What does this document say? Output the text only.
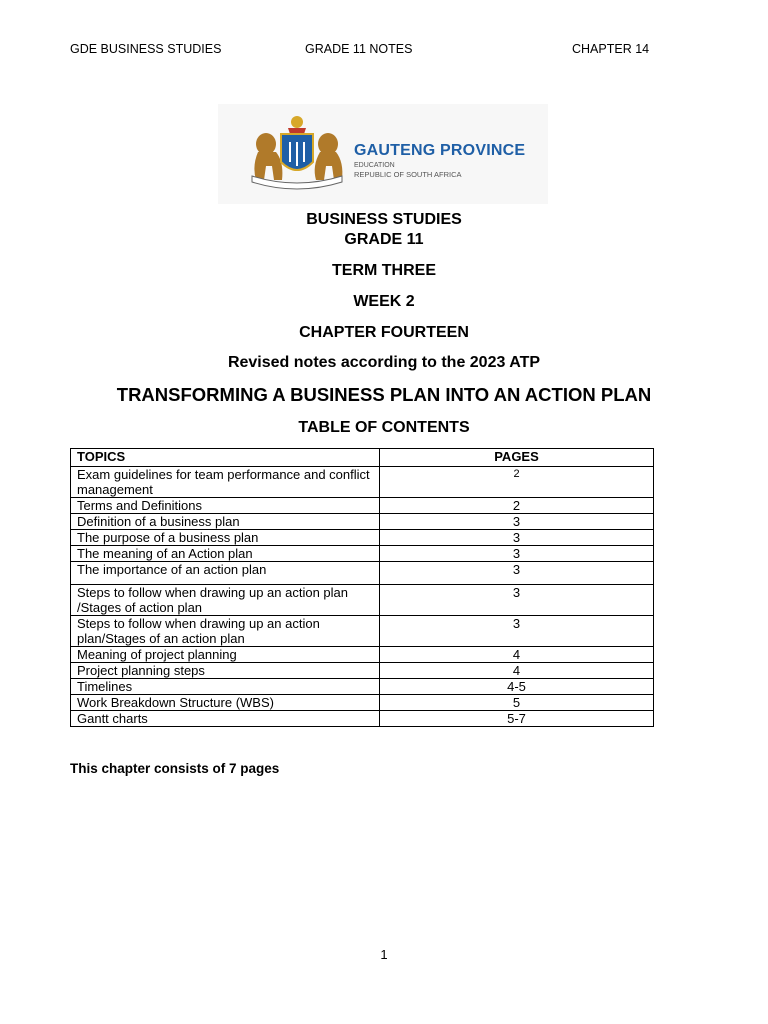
GDE BUSINESS STUDIES	GRADE 11 NOTES	CHAPTER 14
GAUTENG PROVINCE
EDUCATION
REPUBLIC OF SOUTH AFRICA
BUSINESS STUDIES
GRADE 11
TERM THREE
WEEK 2
CHAPTER FOURTEEN
Revised notes according to the 2023 ATP
TRANSFORMING A BUSINESS PLAN INTO AN ACTION PLAN
TABLE OF CONTENTS
TOPICS	PAGES
Exam guidelines for team performance and conflict management	2
Terms and Definitions	2
Definition of a business plan	3
The purpose of a business plan	3
The meaning of an Action plan	3
The importance of an action plan	3
Steps to follow when drawing up an action plan /Stages of action plan	3
Steps to follow when drawing up an action plan/Stages of an action plan	3
Meaning of project planning	4
Project planning steps	4
Timelines	4-5
Work Breakdown Structure (WBS)	5
Gantt charts	5-7
This chapter consists of 7 pages
1
